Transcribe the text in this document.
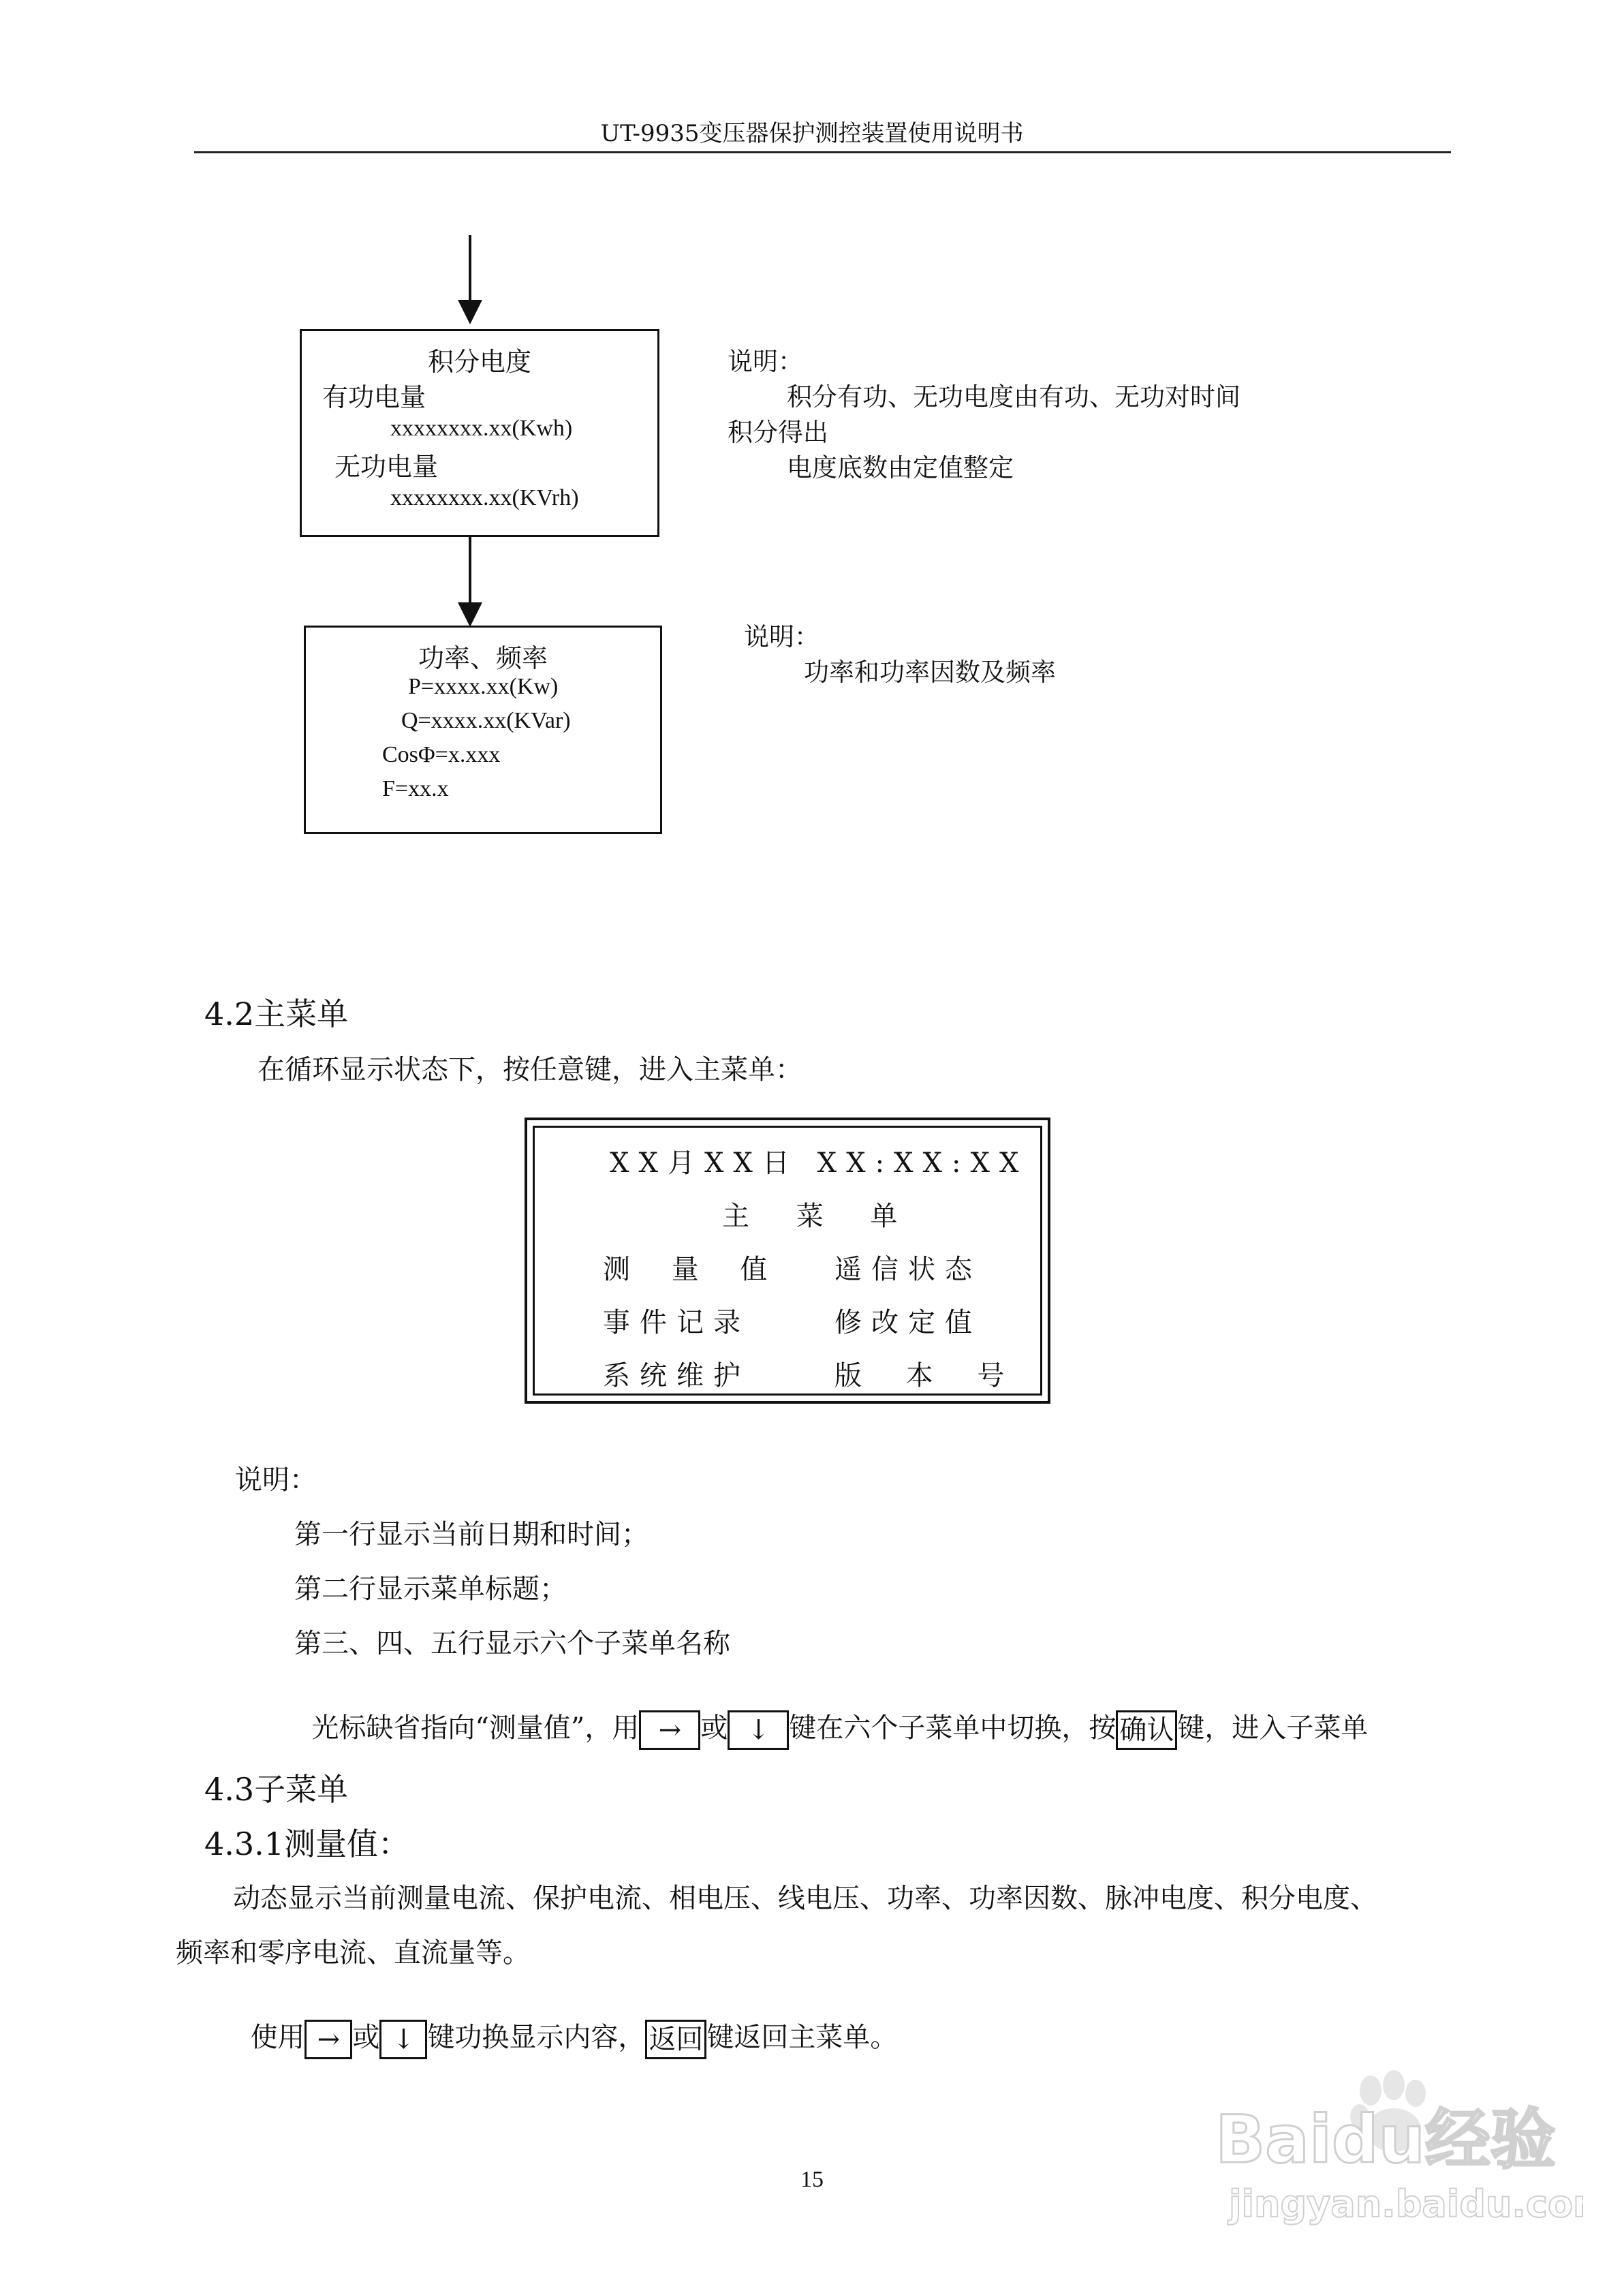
UT-9935变压器保护测控装置使用说明书
积分电度
有功电量
xxxxxxxx.xx(Kwh)
无功电量
xxxxxxxx.xx(KVrh)
说明：
积分有功、无功电度由有功、无功对时间
积分得出
电度底数由定值整定
功率、频率
P=xxxx.xx(Kw)
Q=xxxx.xx(KVar)
CosΦ=x.xxx
F=xx.x
说明：
功率和功率因数及频率
4.2主菜单
在循环显示状态下，按任意键，进入主菜单：
XX月XX日 XX:XX:XX
主 菜 单
测 量 值 遥信状态
事件记录	修改定值
系统维护	版 本 号
说明：
第一行显示当前日期和时间；
第二行显示菜单标题；
第三、四、五行显示六个子菜单名称

光标缺省指向“测量值”，用 → 或 ↓ 键在六个子菜单中切换，按 确认 键，进入子菜单

4.3子菜单
4.3.1测量值：
动态显示当前测量电流、保护电流、相电压、线电压、功率、功率因数、脉冲电度、积分电度、
频率和零序电流、直流量等。

使用 → 或 ↓ 键功换显示内容， 返回 键返回主菜单。

15
Baidu经验
jingyan.baidu.com
